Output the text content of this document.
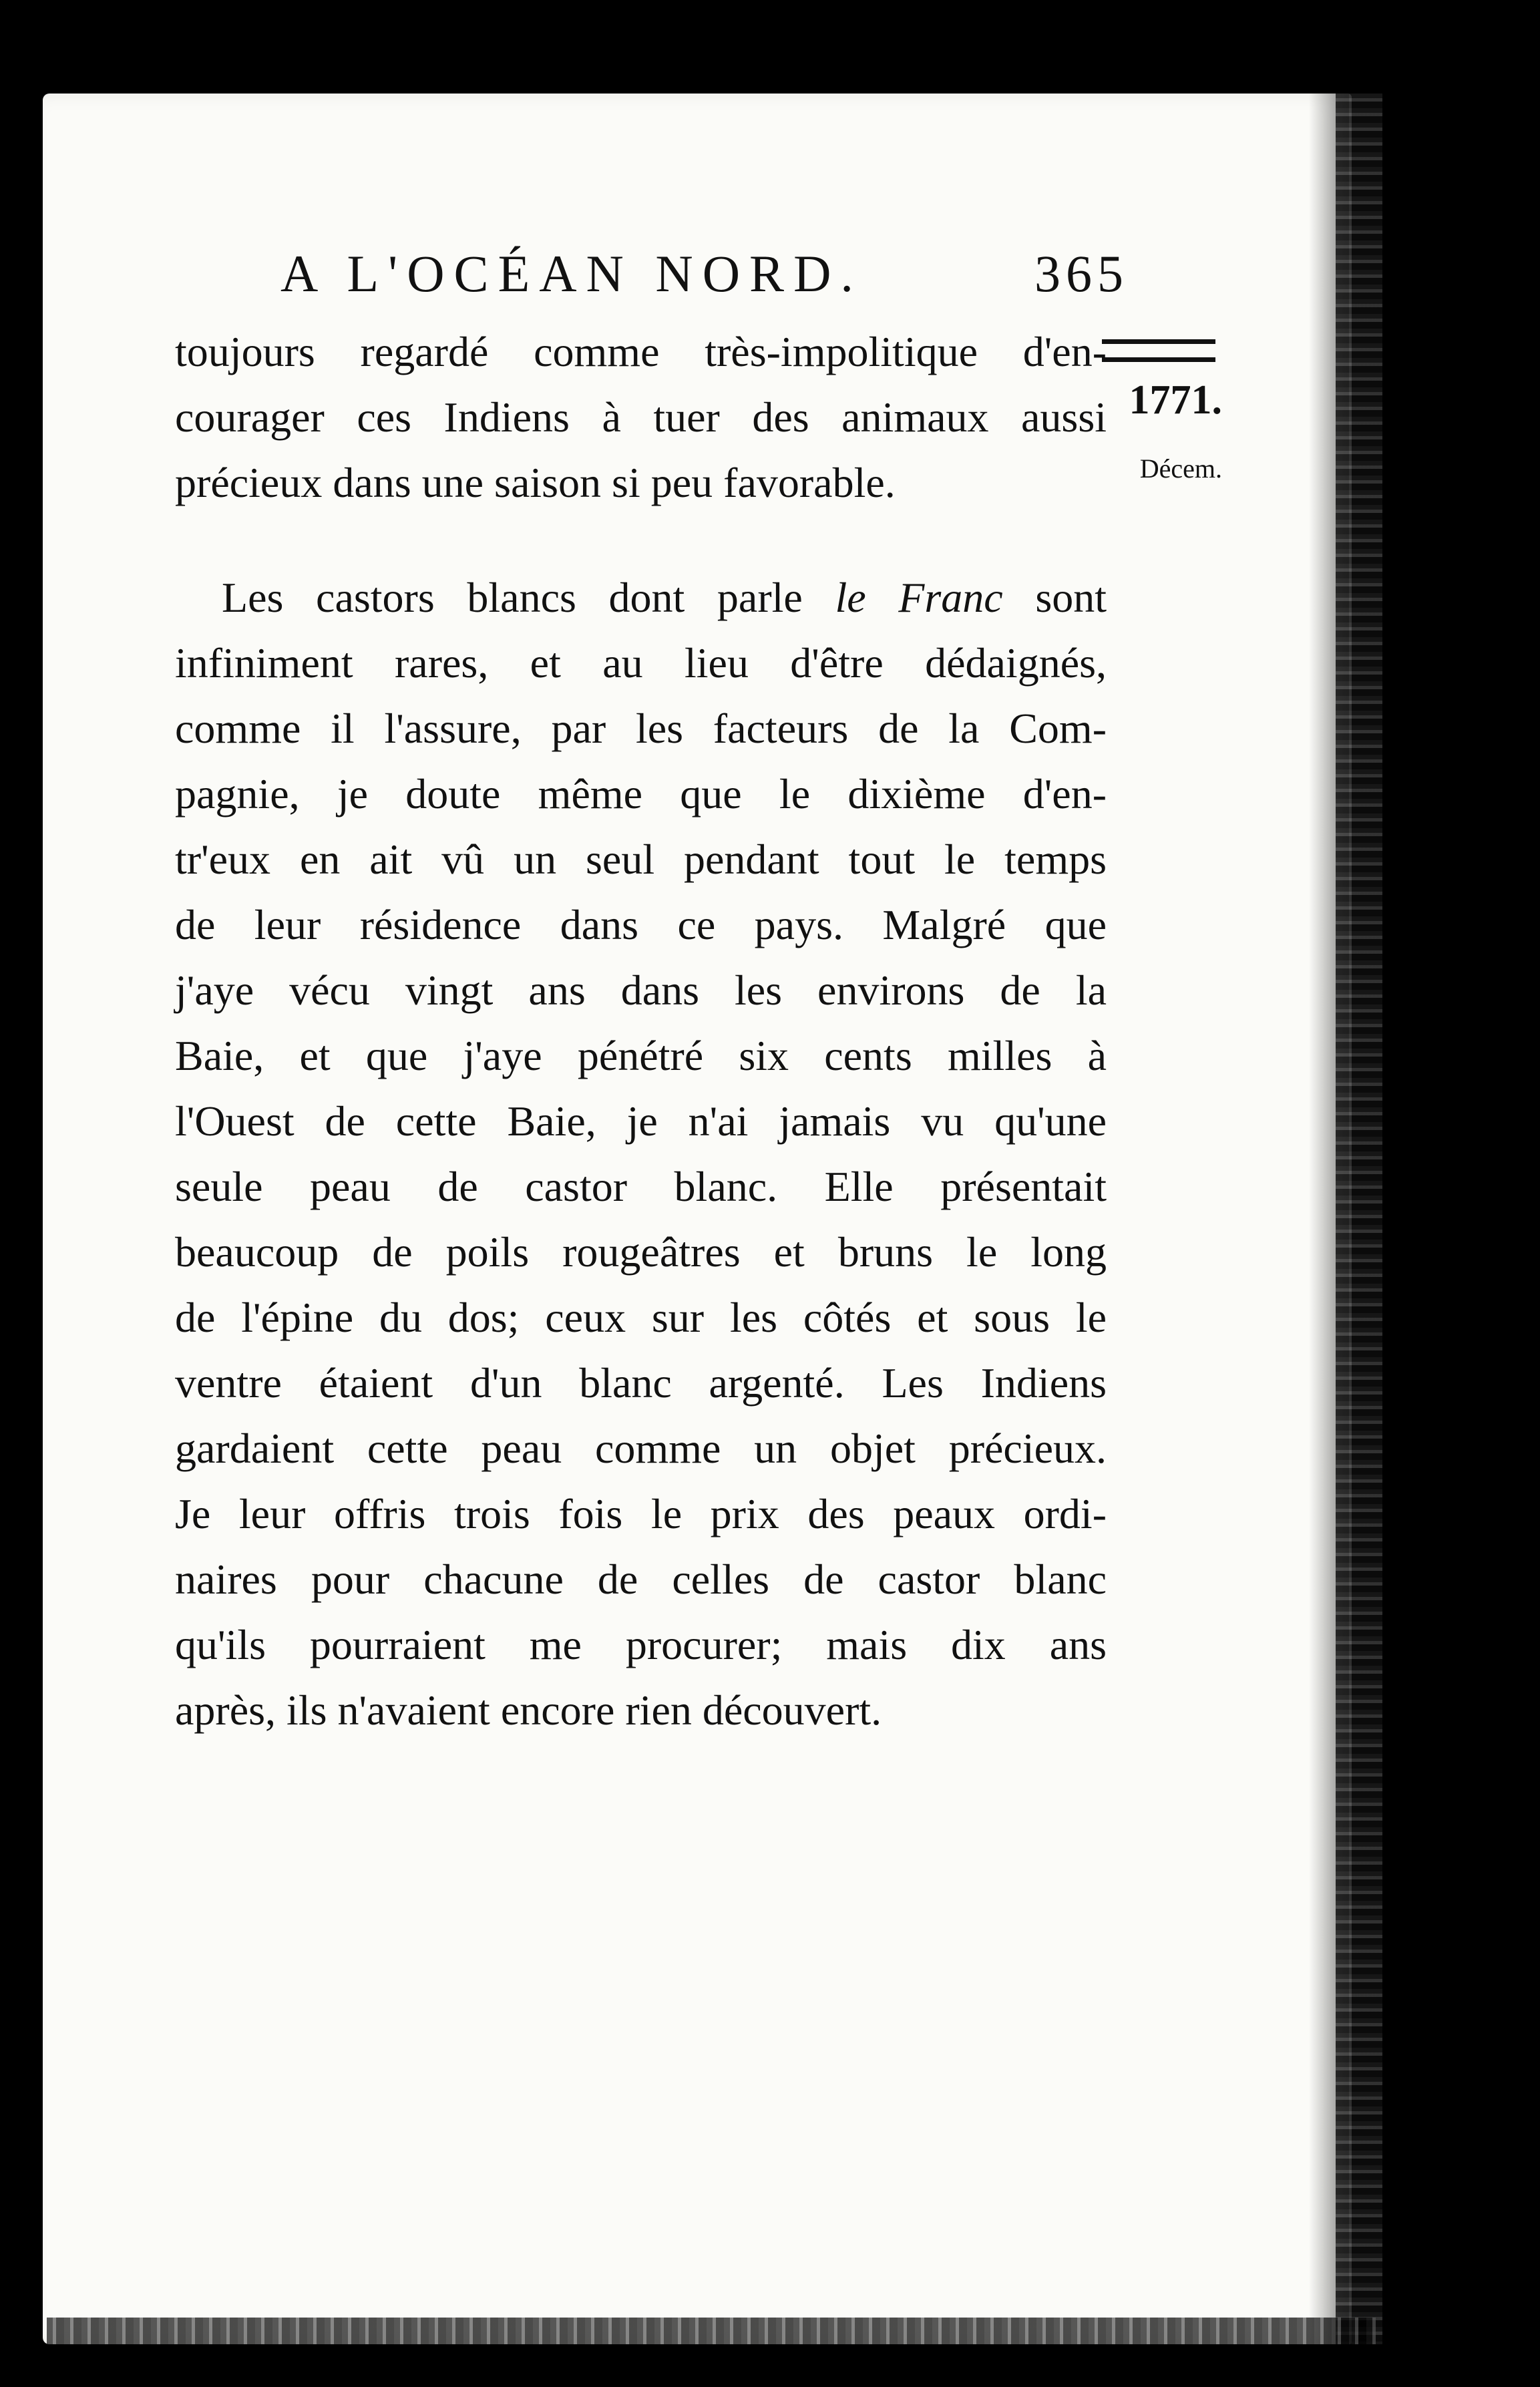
A L'OCÉAN NORD.	365
1771.
Décem.
toujours regardé comme très-impolitique d'en-
courager ces Indiens à tuer des animaux aussi
précieux dans une saison si peu favorable.
Les castors blancs dont parle le Franc sont
infiniment rares, et au lieu d'être dédaignés,
comme il l'assure, par les facteurs de la Com-
pagnie, je doute même que le dixième d'en-
tr'eux en ait vû un seul pendant tout le temps
de leur résidence dans ce pays. Malgré que
j'aye vécu vingt ans dans les environs de la
Baie, et que j'aye pénétré six cents milles à
l'Ouest de cette Baie, je n'ai jamais vu qu'une
seule peau de castor blanc. Elle présentait
beaucoup de poils rougeâtres et bruns le long
de l'épine du dos; ceux sur les côtés et sous le
ventre étaient d'un blanc argenté. Les Indiens
gardaient cette peau comme un objet précieux.
Je leur offris trois fois le prix des peaux ordi-
naires pour chacune de celles de castor blanc
qu'ils pourraient me procurer; mais dix ans
après, ils n'avaient encore rien découvert.
